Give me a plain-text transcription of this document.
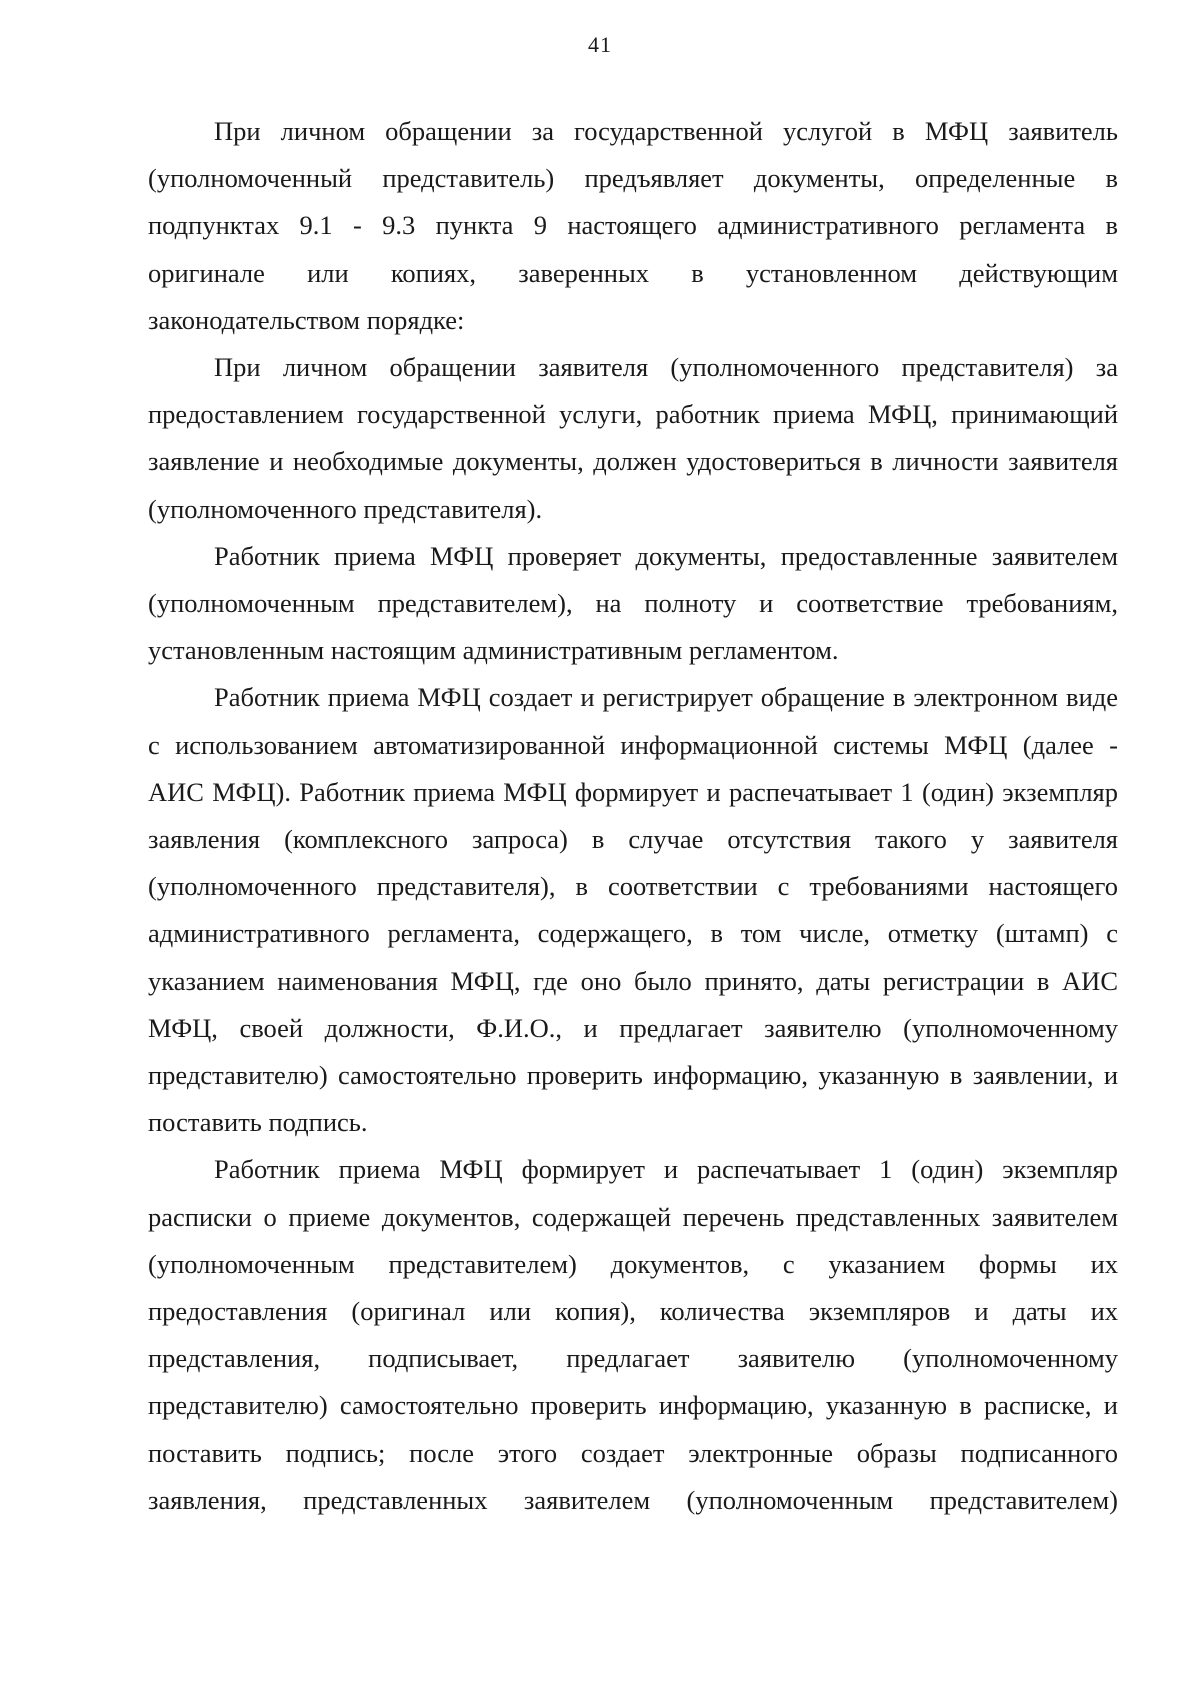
41

При личном обращении за государственной услугой в МФЦ заявитель (уполномоченный представитель) предъявляет документы, определенные в подпунктах 9.1 - 9.3 пункта 9 настоящего административного регламента в оригинале или копиях, заверенных в установленном действующим законодательством порядке:

При личном обращении заявителя (уполномоченного представителя) за предоставлением государственной услуги, работник приема МФЦ, принимающий заявление и необходимые документы, должен удостовериться в личности заявителя (уполномоченного представителя).

Работник приема МФЦ проверяет документы, предоставленные заявителем (уполномоченным представителем), на полноту и соответствие требованиям, установленным настоящим административным регламентом.

Работник приема МФЦ создает и регистрирует обращение в электронном виде с использованием автоматизированной информационной системы МФЦ (далее - АИС МФЦ). Работник приема МФЦ формирует и распечатывает 1 (один) экземпляр заявления (комплексного запроса) в случае отсутствия такого у заявителя (уполномоченного представителя), в соответствии с требованиями настоящего административного регламента, содержащего, в том числе, отметку (штамп) с указанием наименования МФЦ, где оно было принято, даты регистрации в АИС МФЦ, своей должности, Ф.И.О., и предлагает заявителю (уполномоченному представителю) самостоятельно проверить информацию, указанную в заявлении, и поставить подпись.

Работник приема МФЦ формирует и распечатывает 1 (один) экземпляр расписки о приеме документов, содержащей перечень представленных заявителем (уполномоченным представителем) документов, с указанием формы их предоставления (оригинал или копия), количества экземпляров и даты их представления, подписывает, предлагает заявителю (уполномоченному представителю) самостоятельно проверить информацию, указанную в расписке, и поставить подпись; после этого создает электронные образы подписанного заявления, представленных заявителем (уполномоченным представителем)
